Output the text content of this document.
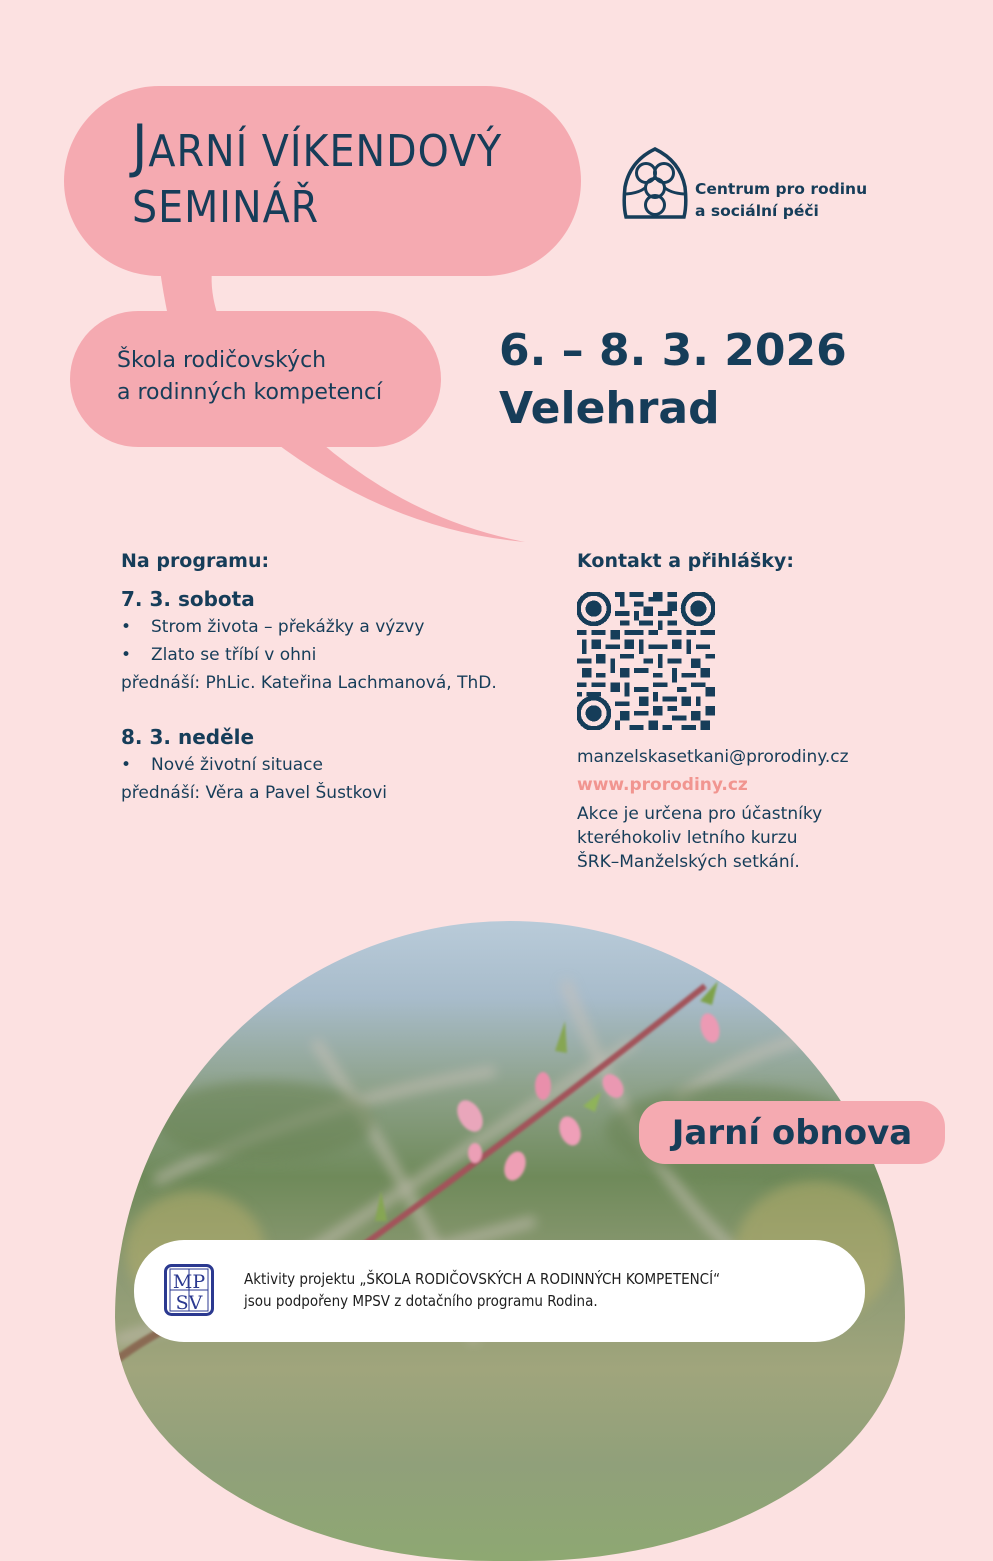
JARNÍ VÍKENDOVÝ
SEMINÁŘ
Škola rodičovských
a rodinných kompetencí
Centrum pro rodinu
a sociální péči
6. – 8. 3. 2026
Velehrad
Na programu:
7. 3. sobota
• Strom života – překážky a výzvy
• Zlato se tříbí v ohni
přednáší: PhLic. Kateřina Lachmanová, ThD.
8. 3. neděle
• Nové životní situace
přednáší: Věra a Pavel Šustkovi
Kontakt a přihlášky:
manzelskasetkani@prorodiny.cz
www.prorodiny.cz
Akce je určena pro účastníky
kteréhokoliv letního kurzu
ŠRK–Manželských setkání.
Jarní obnova
MP
SV
Aktivity projektu „ŠKOLA RODIČOVSKÝCH A RODINNÝCH KOMPETENCÍ“
jsou podpořeny MPSV z dotačního programu Rodina.
